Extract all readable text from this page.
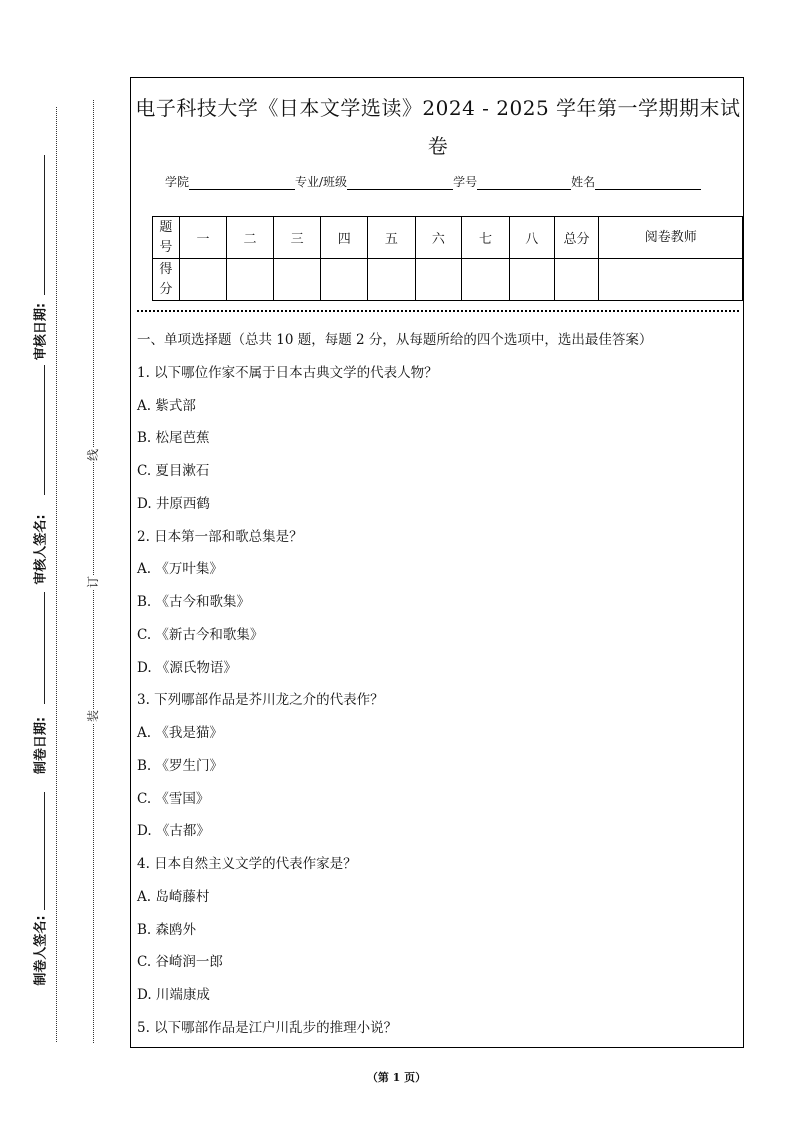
审核日期:
审核人签名:
制卷日期:
制卷人签名:
线
订
装
电子科技大学《日本文学选读》2024 - 2025 学年第一学期期末试
卷
学院	专业/班级	学号	姓名
题号	一	二	三	四	五	六	七	八	总分	阅卷教师
得分										
一、单项选择题（总共 10 题，每题 2 分，从每题所给的四个选项中，选出最佳答案）
1. 以下哪位作家不属于日本古典文学的代表人物？
A. 紫式部
B. 松尾芭蕉
C. 夏目漱石
D. 井原西鹤
2. 日本第一部和歌总集是？
A. 《万叶集》
B. 《古今和歌集》
C. 《新古今和歌集》
D. 《源氏物语》
3. 下列哪部作品是芥川龙之介的代表作？
A. 《我是猫》
B. 《罗生门》
C. 《雪国》
D. 《古都》
4. 日本自然主义文学的代表作家是？
A. 岛崎藤村
B. 森鸥外
C. 谷崎润一郎
D. 川端康成
5. 以下哪部作品是江户川乱步的推理小说？
（第 1 页）
